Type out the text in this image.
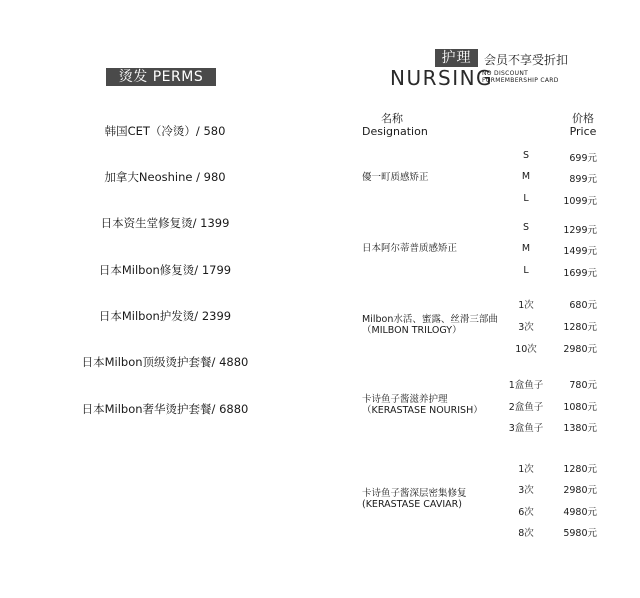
烫发 PERMS
韩国CET（冷烫）/ 580
加拿大Neoshine / 980
日本资生堂修复烫/ 1399
日本Milbon修复烫/ 1799
日本Milbon护发烫/ 2399
日本Milbon顶级烫护套餐/ 4880
日本Milbon奢华烫护套餐/ 6880
护理	会员不享受折扣
NURSING
NO DISCOUNT
FORMEMBERSHIP CARD
名称
Designation
价格
Price
優一町质感矫正
S	699元
M	899元
L	1099元
日本阿尔蒂普质感矫正
S	1299元
M	1499元
L	1699元
Milbon水活、蜜露、丝滑三部曲
（MILBON TRILOGY）
1次	680元
3次	1280元
10次	2980元
卡诗鱼子酱滋养护理
（KERASTASE NOURISH）
1盒鱼子	780元
2盒鱼子	1080元
3盒鱼子	1380元
卡诗鱼子酱深层密集修复
(KERASTASE CAVIAR)
1次	1280元
3次	2980元
6次	4980元
8次	5980元
